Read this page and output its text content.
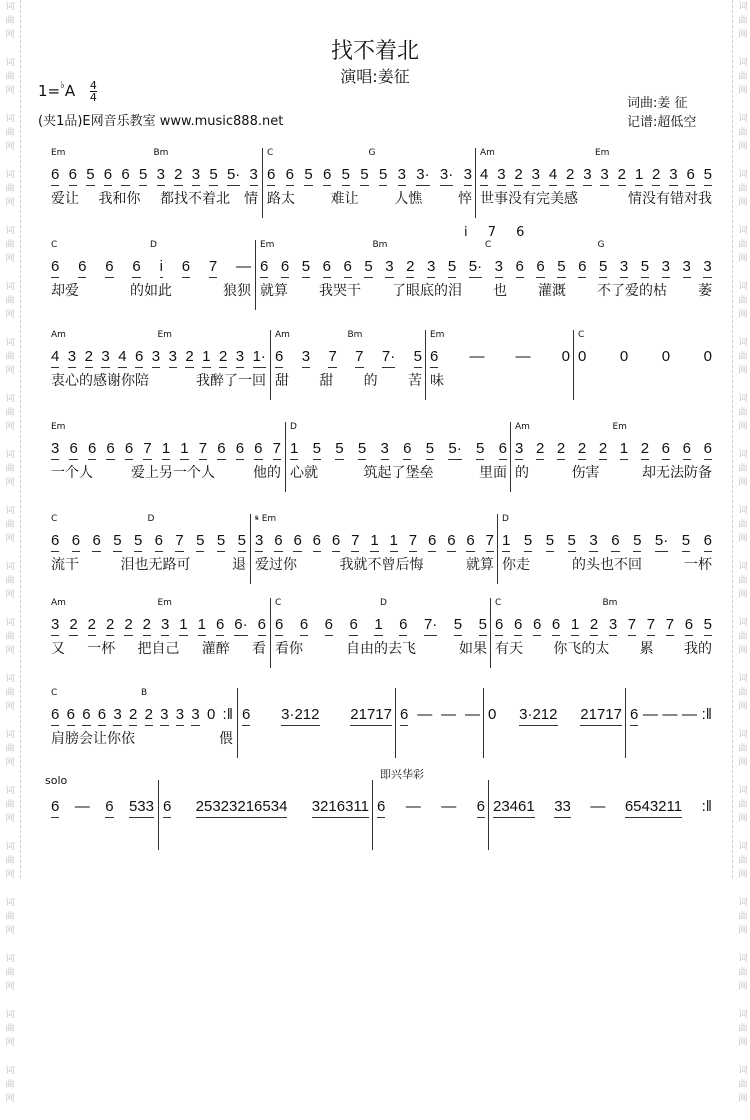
词
曲
网
词
曲
网
词
曲
网
词
曲
网
词
曲
网
词
曲
网
词
曲
网
词
曲
网
词
曲
网
词
曲
网
词
曲
网
词
曲
网
词
曲
网
词
曲
网
词
曲
网
词
曲
网
词
曲
网
词
曲
网
词
曲
网
词
曲
网
词
曲
网
词
曲
网
词
曲
网
词
曲
网
词
曲
网
词
曲
网
词
曲
网
词
曲
网
词
曲
网
词
曲
网
词
曲
网
词
曲
网
词
曲
网
词
曲
网
词
曲
网
词
曲
网
词
曲
网
词
曲
网
词
曲
网
词
曲
网
找不着北
演唱:姜征
$1=^♭A \frac{4}{4}$
(夹1品)E网音乐教室 www.music888.net
词曲:姜 征
记谱:超低空
Em	Bm
6 6 5 6 6 5 3 2 3 5 5· 3
爱让 我和你 都找不着北　情
C	G
6 6 5 6 5 5 5 3 3· 3· 3
路太	难让	人憔	悴
Am	Em
4 3 2 3 4 2 3 3 2 1 2 3 6 5
世事没有完美感	情没有错对我
C	D
6 6 6 6 i 6 7 —
却爱	的如此	狼狈
Em	Bm	C	G
i 7 6
6 6 5 6 6 5 3 2 3 5 5· 3 6 6 5 6 5 3 5 3 3 3
就算 我哭干 了眼底的泪 也 灌溉 不了爱的枯 萎
Am	Em
4 3 2 3 4 6 3 3 2 1 2 3 1·
衷心的感谢你陪	我醉了一回
Am	Bm
6 3 7 7 7· 5
甜 甜 的 苦
Em
6 — — 0
味
C
0 0 0 0
Em
3 6 6 6 6 7 1 1 7 6 6 6 7
一个人	爱上另一个人	他的
D
1 5 5 5 3 6 5 5· 5 6
心就	筑起了堡垒	里面
Am	Em
3 2 2 2 2 1 2 6 6 6
的	伤害	却无法防备
C	D
6 6 6 5 5 6 7 5 5 5
流干	泪也无路可	退
𝄋 Em
3 6 6 6 6 7 1 1 7 6 6 6 7
爱过你	我就不曾后悔	就算
D
1 5 5 5 3 6 5 5· 5 6
你走	的头也不回	一杯
Am	Em
3 2 2 2 2 2 3 1 1 6 6· 6
又 一杯 把自己 灌醉 看
C	D
6 6 6 6 1 6 7· 5 5
看你	自由的去飞	如果
C	Bm
6 6 6 6 1 2 3 7 7 7 6 5
有天 你飞的太 累 我的
C	B
6 6 6 6 3 2 2 3 3 3 0 :‖
肩膀会让你依	偎
6 3·212 21717 6 — — — 0 3·212 21717 6 — — — :‖
solo	即兴华彩
6 — 6 533 6 25323216534 3216311 6 — — 6 23461 33 — 6543211 :‖
